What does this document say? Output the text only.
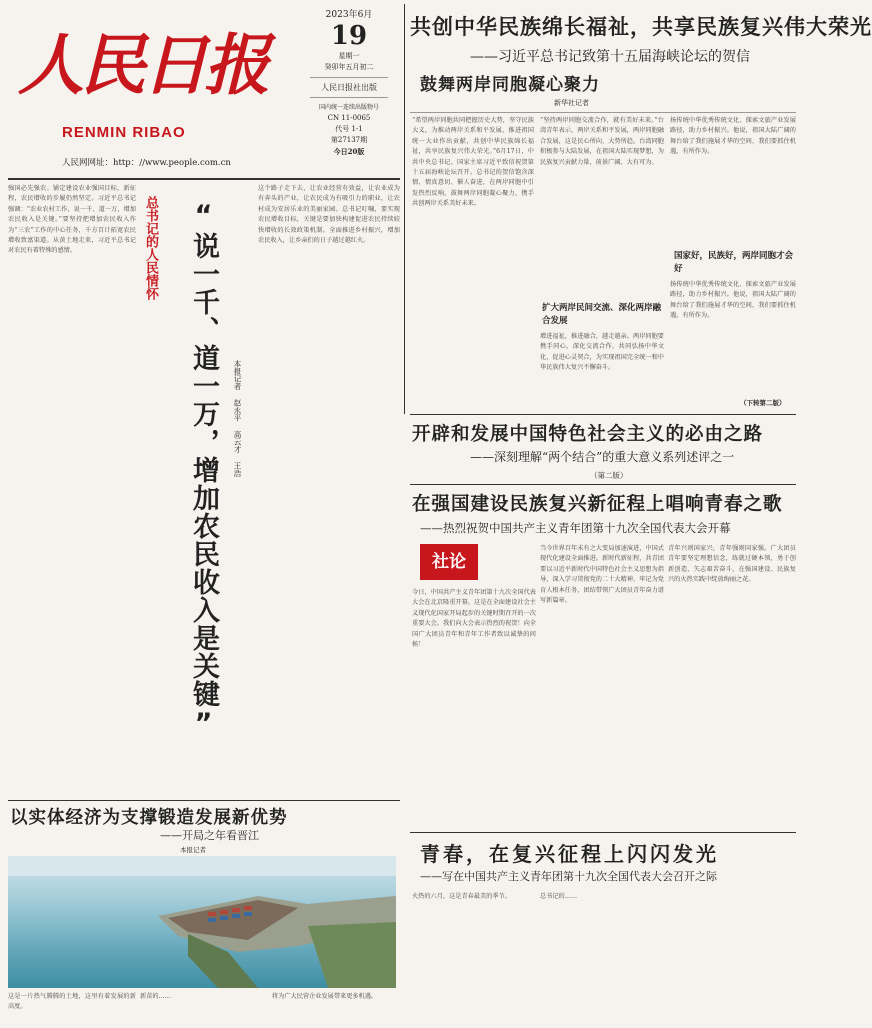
人民日报
RENMIN RIBAO
人民网网址：http：//www.people.com.cn
2023年6月
19
星期一
癸卯年五月初二
人民日报社出版
国内统一连续出版物号
CN 11-0065
代号 1-1
第27137期
今日20版
共创中华民族绵长福祉，共享民族复兴伟大荣光
——习近平总书记致第十五届海峡论坛的贺信
鼓舞两岸同胞凝心聚力
新华社记者
“希望两岸同胞共同把握历史大势，坚守民族大义，为推动两岸关系和平发展、推进祖国统一大业作出贡献，共创中华民族绵长福祉，共享民族复兴伟大荣光。”6月17日，中共中央总书记、国家主席习近平致信祝贺第十五届海峡论坛召开。总书记的贺信饱含深情、情真意切、催人奋进，在两岸同胞中引发热烈反响，鼓舞两岸同胞凝心聚力，携手共创两岸关系美好未来。
“坚持两岸同胞交流合作，就有美好未来。”台湾青年表示，两岸关系和平发展，两岸同胞融合发展，这是民心所向、大势所趋。台湾同胞积极参与大陆发展，在祖国大陆实现梦想，为民族复兴贡献力量，前景广阔、大有可为。
扩大两岸民间交流、深化两岸融合发展
增进福祉，推进融合，越走越亲。两岸同胞要携手同心，深化交流合作，共同弘扬中华文化，促进心灵契合，为实现祖国完全统一和中华民族伟大复兴不懈奋斗。
扬传统中华优秀传统文化、探索文旅产业发展路径，助力乡村振兴。他说，祖国大陆广阔的舞台给了我们施展才华的空间，我们要抓住机遇，有所作为。
国家好，民族好，两岸同胞才会好
扬传统中华优秀传统文化、探索文旅产业发展路径，助力乡村振兴。他说，祖国大陆广阔的舞台给了我们施展才华的空间，我们要抓住机遇，有所作为。
（下转第二版）
强国必先强农。铺定建设农业强国目标，新征程，农民增收的步履仍然坚定。习近平总书记强调：“农业农村工作，说一千、道一万，增加农民收入是关键。”要坚持把增加农民收入作为“三农”工作的中心任务，千方百计拓宽农民增收致富渠道。从黄土地走来，习近平总书记对农民有着特殊的感情。	总书记的人民情怀 “说一千、道一万，增加农民收入是关键” 本报记者 赵永平 高云才 王浩
这个路子走下去，让农业经营有效益，让农业成为有奔头的产业，让农民成为有吸引力的职业，让农村成为安居乐业的美丽家园。总书记叮嘱，要实现农民增收目标，关键是要加快构建促进农民持续较快增收的长效政策机制。全面推进乡村振兴，增加农民收入，让乡亲们的日子越过越红火。
开辟和发展中国特色社会主义的必由之路
——深刻理解“两个结合”的重大意义系列述评之一
（第二版）
在强国建设民族复兴新征程上唱响青春之歌
——热烈祝贺中国共产主义青年团第十九次全国代表大会开幕
社论
今日，中国共产主义青年团第十九次全国代表大会在北京隆重开幕。这是在全面建设社会主义现代化国家开局起步的关键时期召开的一次重要大会。我们向大会表示热烈的祝贺！向全国广大团员青年和青年工作者致以诚挚的问候！
当今世界百年未有之大变局加速演进，中国式现代化建设全面推进。新时代新征程，共青团要以习近平新时代中国特色社会主义思想为指导，深入学习贯彻党的二十大精神，牢记为党育人根本任务，团结带领广大团员青年奋力谱写新篇章。
青年兴则国家兴，青年强则国家强。广大团员青年要坚定理想信念，练就过硬本领，勇于创新创造，矢志艰苦奋斗，在强国建设、民族复兴的火热实践中绽放绚丽之花。
以实体经济为支撑锻造发展新优势
——开局之年看晋江
本报记者
这是一片热气腾腾的土地，这里有着发展的新高度。
新苗的……	将为广大民营企业发展带来更多机遇。
青春，在复兴征程上闪闪发光
——写在中国共产主义青年团第十九次全国代表大会召开之际
火热的六月，这是青春最美的季节。	总书记的……
